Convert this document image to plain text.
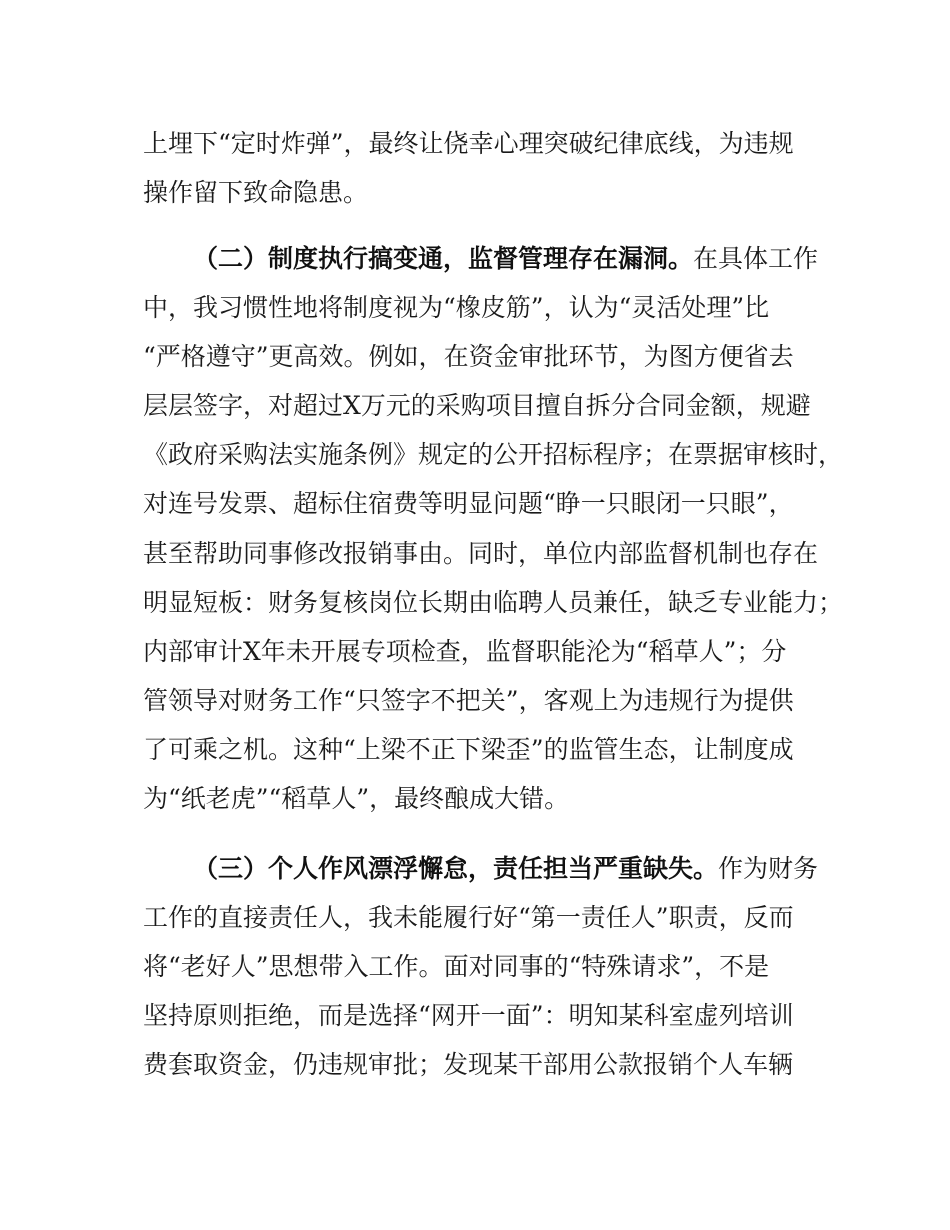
上埋下“定时炸弹”，最终让侥幸心理突破纪律底线，为违规
操作留下致命隐患。
（二）制度执行搞变通，监督管理存在漏洞。在具体工作
中，我习惯性地将制度视为“橡皮筋”，认为“灵活处理”比
“严格遵守”更高效。例如，在资金审批环节，为图方便省去
层层签字，对超过X万元的采购项目擅自拆分合同金额，规避
《政府采购法实施条例》规定的公开招标程序；在票据审核时，
对连号发票、超标住宿费等明显问题“睁一只眼闭一只眼”，
甚至帮助同事修改报销事由。同时，单位内部监督机制也存在
明显短板：财务复核岗位长期由临聘人员兼任，缺乏专业能力；
内部审计X年未开展专项检查，监督职能沦为“稻草人”；分
管领导对财务工作“只签字不把关”，客观上为违规行为提供
了可乘之机。这种“上梁不正下梁歪”的监管生态，让制度成
为“纸老虎”“稻草人”，最终酿成大错。
（三）个人作风漂浮懈怠，责任担当严重缺失。作为财务
工作的直接责任人，我未能履行好“第一责任人”职责，反而
将“老好人”思想带入工作。面对同事的“特殊请求”，不是
坚持原则拒绝，而是选择“网开一面”：明知某科室虚列培训
费套取资金，仍违规审批；发现某干部用公款报销个人车辆
